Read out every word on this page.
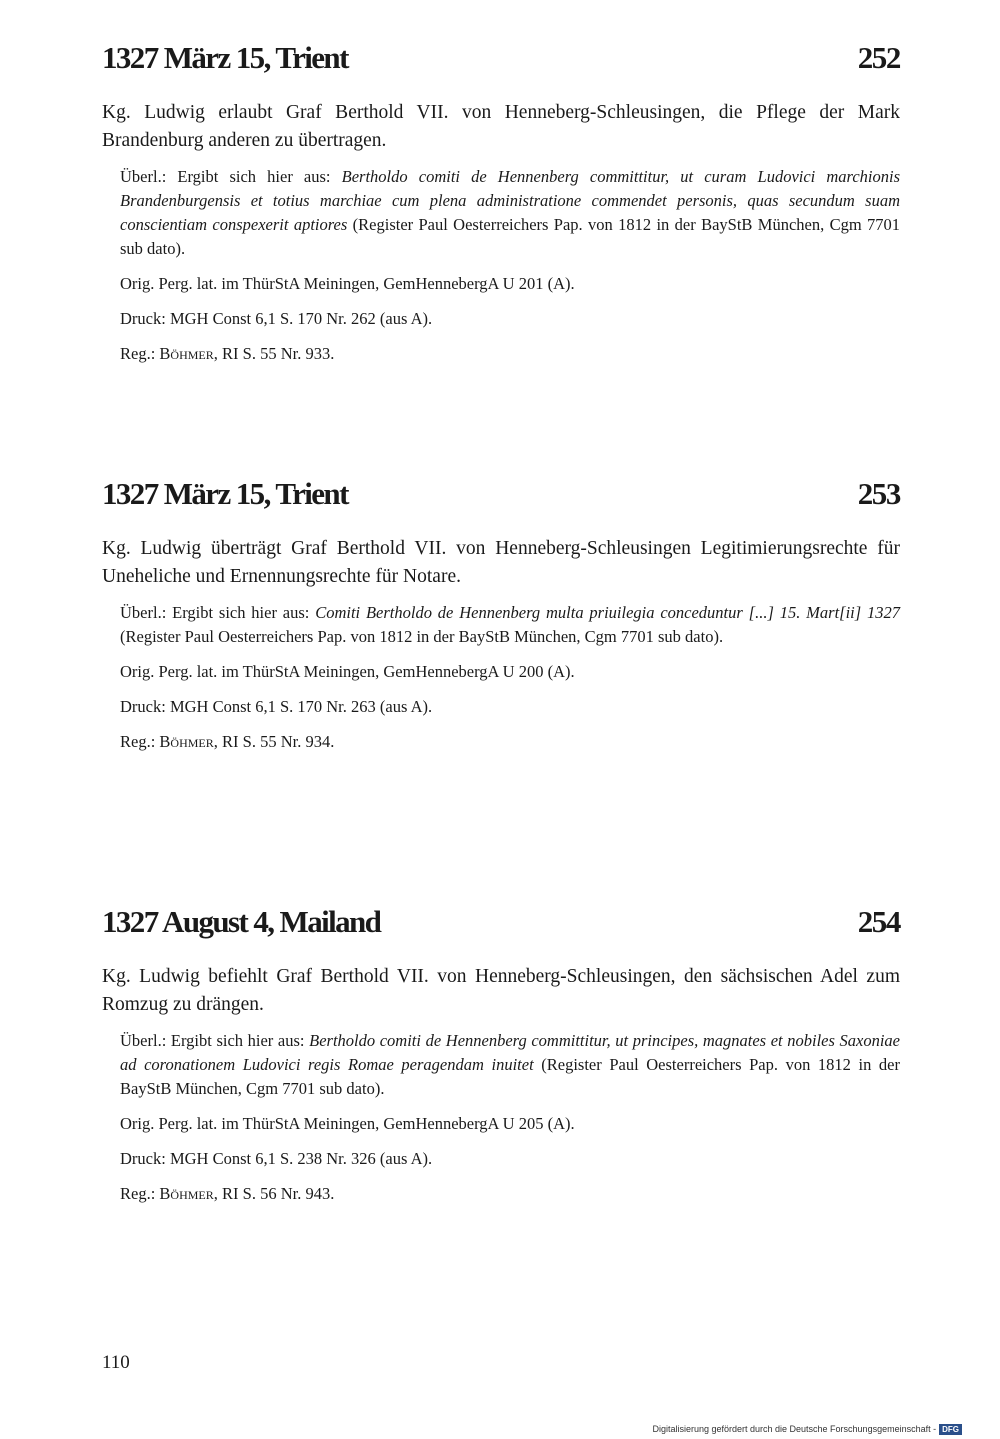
1327 März 15, Trient	252
Kg. Ludwig erlaubt Graf Berthold VII. von Henneberg-Schleusingen, die Pflege der Mark Brandenburg anderen zu übertragen.
Überl.: Ergibt sich hier aus: Bertholdo comiti de Hennenberg committitur, ut curam Ludovici marchionis Brandenburgensis et totius marchiae cum plena administratione commendet personis, quas secundum suam conscientiam conspexerit aptiores (Register Paul Oesterreichers Pap. von 1812 in der BayStB München, Cgm 7701 sub dato).
Orig. Perg. lat. im ThürStA Meiningen, GemHennebergA U 201 (A).
Druck: MGH Const 6,1 S. 170 Nr. 262 (aus A).
Reg.: Böhmer, RI S. 55 Nr. 933.
1327 März 15, Trient	253
Kg. Ludwig überträgt Graf Berthold VII. von Henneberg-Schleusingen Legitimierungsrechte für Uneheliche und Ernennungsrechte für Notare.
Überl.: Ergibt sich hier aus: Comiti Bertholdo de Hennenberg multa priuilegia conceduntur [...] 15. Mart[ii] 1327 (Register Paul Oesterreichers Pap. von 1812 in der BayStB München, Cgm 7701 sub dato).
Orig. Perg. lat. im ThürStA Meiningen, GemHennebergA U 200 (A).
Druck: MGH Const 6,1 S. 170 Nr. 263 (aus A).
Reg.: Böhmer, RI S. 55 Nr. 934.
1327 August 4, Mailand	254
Kg. Ludwig befiehlt Graf Berthold VII. von Henneberg-Schleusingen, den sächsischen Adel zum Romzug zu drängen.
Überl.: Ergibt sich hier aus: Bertholdo comiti de Hennenberg committitur, ut principes, magnates et nobiles Saxoniae ad coronationem Ludovici regis Romae peragendam inuitet (Register Paul Oesterreichers Pap. von 1812 in der BayStB München, Cgm 7701 sub dato).
Orig. Perg. lat. im ThürStA Meiningen, GemHennebergA U 205 (A).
Druck: MGH Const 6,1 S. 238 Nr. 326 (aus A).
Reg.: Böhmer, RI S. 56 Nr. 943.
110
Digitalisierung gefördert durch die Deutsche Forschungsgemeinschaft - DFG
